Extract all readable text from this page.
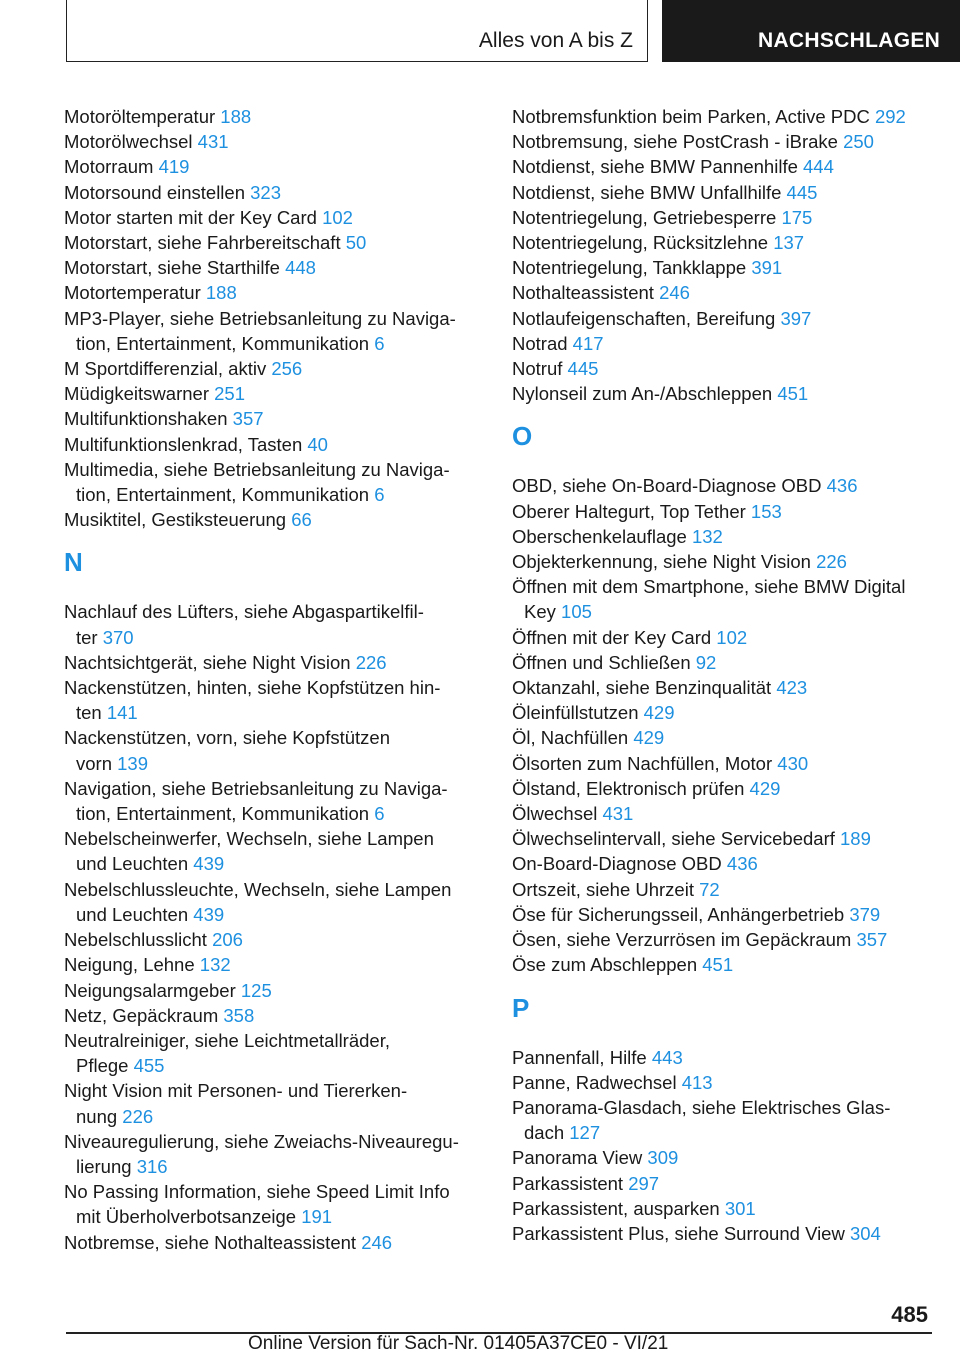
Alles von A bis Z	NACHSCHLAGEN
Motoröltemperatur 188
Motorölwechsel 431
Motorraum 419
Motorsound einstellen 323
Motor starten mit der Key Card 102
Motorstart, siehe Fahrbereitschaft 50
Motorstart, siehe Starthilfe 448
Motortemperatur 188
MP3-Player, siehe Betriebsanleitung zu Naviga-
tion, Entertainment, Kommunikation 6
M Sportdifferenzial, aktiv 256
Müdigkeitswarner 251
Multifunktionshaken 357
Multifunktionslenkrad, Tasten 40
Multimedia, siehe Betriebsanleitung zu Naviga-
tion, Entertainment, Kommunikation 6
Musiktitel, Gestiksteuerung 66
N
Nachlauf des Lüfters, siehe Abgaspartikelfil-
ter 370
Nachtsichtgerät, siehe Night Vision 226
Nackenstützen, hinten, siehe Kopfstützen hin-
ten 141
Nackenstützen, vorn, siehe Kopfstützen
vorn 139
Navigation, siehe Betriebsanleitung zu Naviga-
tion, Entertainment, Kommunikation 6
Nebelscheinwerfer, Wechseln, siehe Lampen
und Leuchten 439
Nebelschlussleuchte, Wechseln, siehe Lampen
und Leuchten 439
Nebelschlusslicht 206
Neigung, Lehne 132
Neigungsalarmgeber 125
Netz, Gepäckraum 358
Neutralreiniger, siehe Leichtmetallräder,
Pflege 455
Night Vision mit Personen- und Tiererken-
nung 226
Niveauregulierung, siehe Zweiachs-Niveauregu-
lierung 316
No Passing Information, siehe Speed Limit Info
mit Überholverbotsanzeige 191
Notbremse, siehe Nothalteassistent 246
Notbremsfunktion beim Parken, Active PDC 292
Notbremsung, siehe PostCrash - iBrake 250
Notdienst, siehe BMW Pannenhilfe 444
Notdienst, siehe BMW Unfallhilfe 445
Notentriegelung, Getriebesperre 175
Notentriegelung, Rücksitzlehne 137
Notentriegelung, Tankklappe 391
Nothalteassistent 246
Notlaufeigenschaften, Bereifung 397
Notrad 417
Notruf 445
Nylonseil zum An-/Abschleppen 451
O
OBD, siehe On-Board-Diagnose OBD 436
Oberer Haltegurt, Top Tether 153
Oberschenkelauflage 132
Objekterkennung, siehe Night Vision 226
Öffnen mit dem Smartphone, siehe BMW Digital
Key 105
Öffnen mit der Key Card 102
Öffnen und Schließen 92
Oktanzahl, siehe Benzinqualität 423
Öleinfüllstutzen 429
Öl, Nachfüllen 429
Ölsorten zum Nachfüllen, Motor 430
Ölstand, Elektronisch prüfen 429
Ölwechsel 431
Ölwechselintervall, siehe Servicebedarf 189
On-Board-Diagnose OBD 436
Ortszeit, siehe Uhrzeit 72
Öse für Sicherungsseil, Anhängerbetrieb 379
Ösen, siehe Verzurrösen im Gepäckraum 357
Öse zum Abschleppen 451
P
Pannenfall, Hilfe 443
Panne, Radwechsel 413
Panorama-Glasdach, siehe Elektrisches Glas-
dach 127
Panorama View 309
Parkassistent 297
Parkassistent, ausparken 301
Parkassistent Plus, siehe Surround View 304
485
Online Version für Sach-Nr. 01405A37CE0 - VI/21
